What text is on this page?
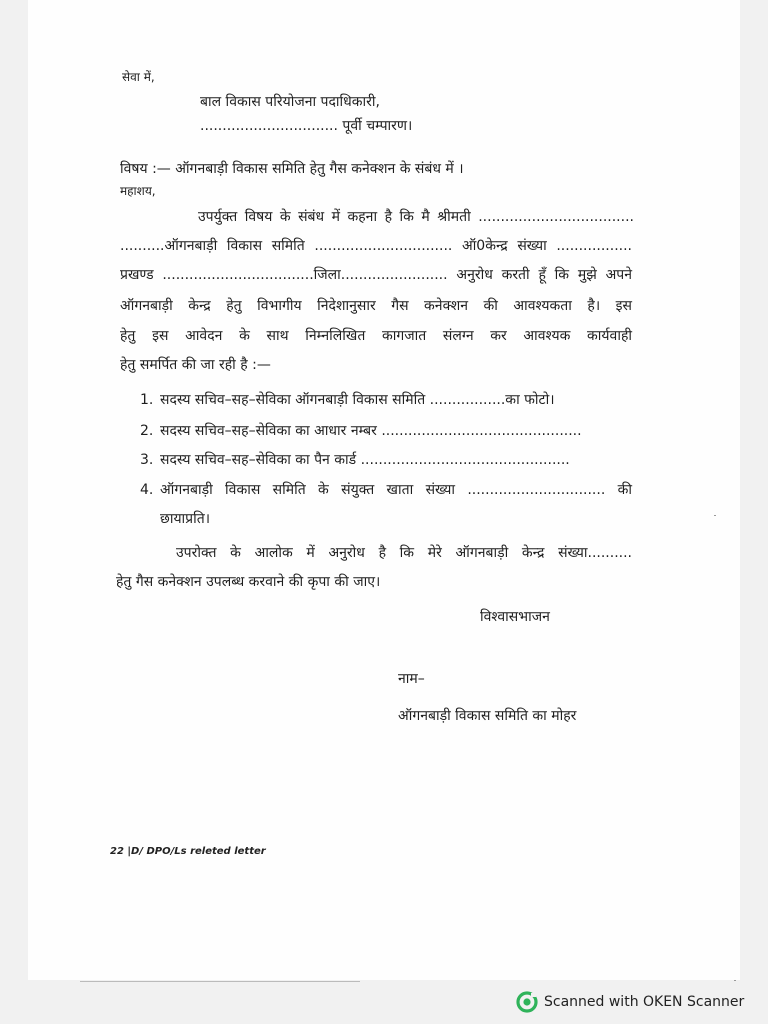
सेवा में,
बाल विकास परियोजना पदाधिकारी,
............................... पूर्वी चम्पारण।
विषय :— ऑगनबाड़ी विकास समिति हेतु गैस कनेक्शन के संबंध में ।
महाशय,
उपर्युक्त विषय के संबंध में कहना है कि मै श्रीमती ...................................
..........ऑगनबाड़ी विकास समिति ............................... ऑ0केन्द्र संख्या .................
प्रखण्ड ..................................जिला........................ अनुरोध करती हूँ कि मुझे अपने
ऑगनबाड़ी केन्द्र हेतु विभागीय निदेशानुसार गैस कनेक्शन की आवश्यकता है। इस
हेतु इस आवेदन के साथ निम्नलिखित कागजात संलग्न कर आवश्यक कार्यवाही
हेतु समर्पित की जा रही है :—
1. सदस्य सचिव–सह–सेविका ऑगनबाड़ी विकास समिति .................का फोटो।
2. सदस्य सचिव–सह–सेविका का आधार नम्बर .............................................
3. सदस्य सचिव–सह–सेविका का पैन कार्ड ...............................................
4. ऑगनबाड़ी विकास समिति के संयुक्त खाता संख्या ............................... की
छायाप्रति।
उपरोक्त के आलोक में अनुरोध है कि मेरे ऑगनबाड़ी केन्द्र संख्या..........
हेतु गैस कनेक्शन उपलब्ध करवाने की कृपा की जाए।
विश्वासभाजन
नाम–
ऑगनबाड़ी विकास समिति का मोहर
22 |D/ DPO/Ls releted letter
Scanned with OKEN Scanner
